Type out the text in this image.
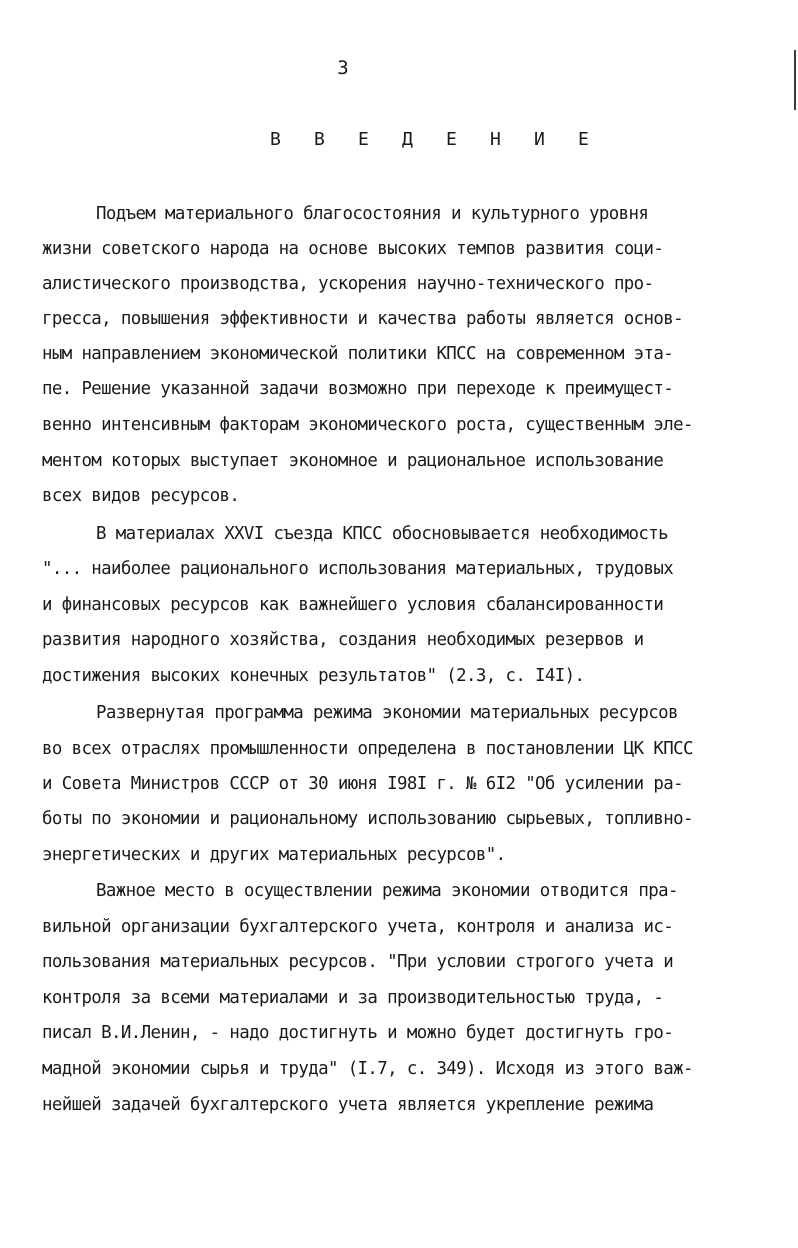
3
В В Е Д Е Н И Е
Подъем материального благосостояния и культурного уровня
жизни советского народа на основе высоких темпов развития соци-
алистического производства, ускорения научно-технического про-
гресса, повышения эффективности и качества работы является основ-
ным направлением экономической политики КПСС на современном эта-
пе. Решение указанной задачи возможно при переходе к преимущест-
венно интенсивным факторам экономического роста, существенным эле-
ментом которых выступает экономное и рациональное использование
всех видов ресурсов.
В материалах XXVI съезда КПСС обосновывается необходимость
"... наиболее рационального использования материальных, трудовых
и финансовых ресурсов как важнейшего условия сбалансированности
развития народного хозяйства, создания необходимых резервов и
достижения высоких конечных результатов" (2.3, с. I4I).
Развернутая программа режима экономии материальных ресурсов
во всех отраслях промышленности определена в постановлении ЦК КПСС
и Совета Министров СССР от 30 июня I98I г. № 6I2 "Об усилении ра-
боты по экономии и рациональному использованию сырьевых, топливно-
энергетических и других материальных ресурсов".
Важное место в осуществлении режима экономии отводится пра-
вильной организации бухгалтерского учета, контроля и анализа ис-
пользования материальных ресурсов. "При условии строгого учета и
контроля за всеми материалами и за производительностью труда, -
писал В.И.Ленин, - надо достигнуть и можно будет достигнуть гро-
мадной экономии сырья и труда" (I.7, с. 349). Исходя из этого важ-
нейшей задачей бухгалтерского учета является укрепление режима
